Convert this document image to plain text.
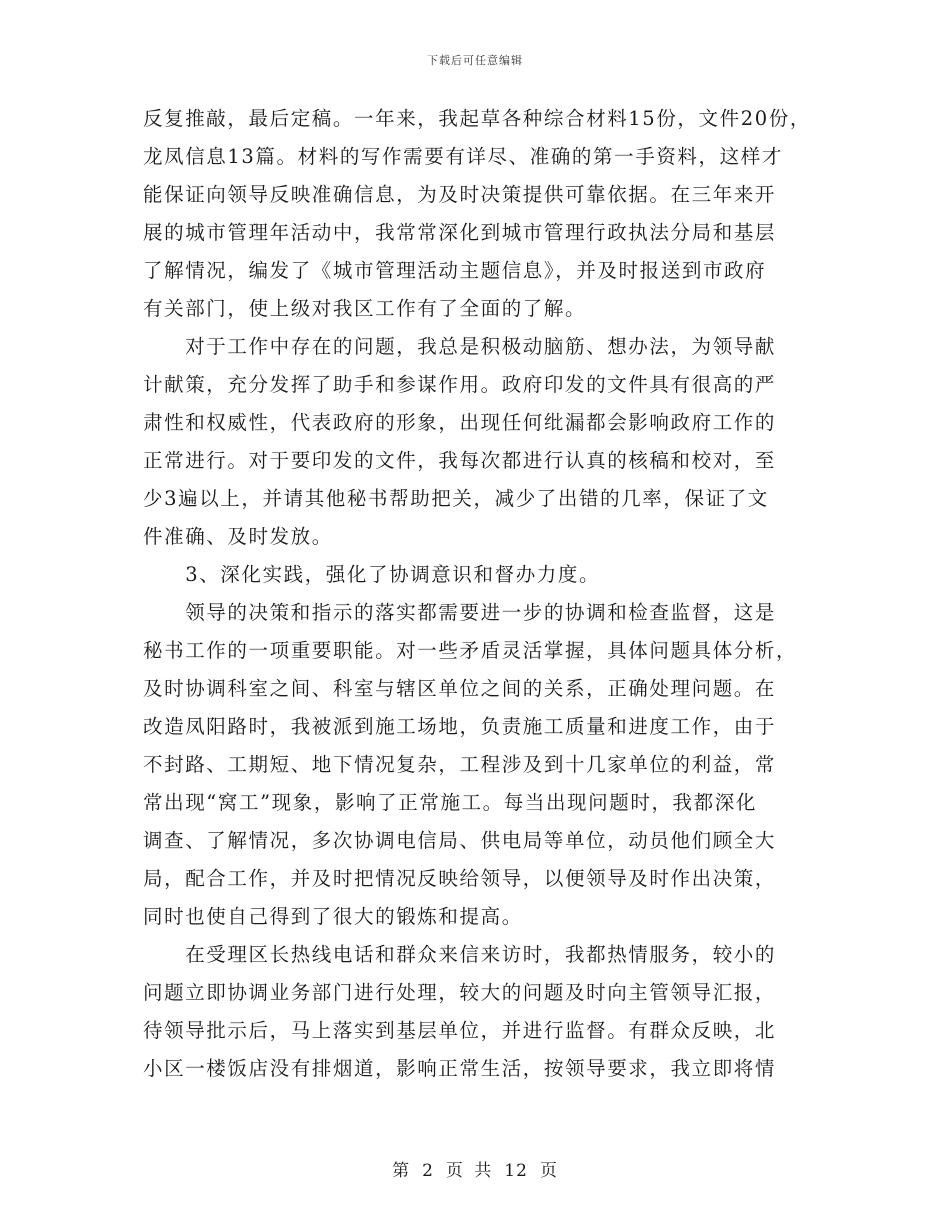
下载后可任意编辑
反复推敲，最后定稿。一年来，我起草各种综合材料15份，文件20份，
龙凤信息13篇。材料的写作需要有详尽、准确的第一手资料，这样才
能保证向领导反映准确信息，为及时决策提供可靠依据。在三年来开
展的城市管理年活动中，我常常深化到城市管理行政执法分局和基层
了解情况，编发了《城市管理活动主题信息》，并及时报送到市政府
有关部门，使上级对我区工作有了全面的了解。
　　对于工作中存在的问题，我总是积极动脑筋、想办法，为领导献
计献策，充分发挥了助手和参谋作用。政府印发的文件具有很高的严
肃性和权威性，代表政府的形象，出现任何纰漏都会影响政府工作的
正常进行。对于要印发的文件，我每次都进行认真的核稿和校对，至
少3遍以上，并请其他秘书帮助把关，减少了出错的几率，保证了文
件准确、及时发放。
　　3、深化实践，强化了协调意识和督办力度。
　　领导的决策和指示的落实都需要进一步的协调和检查监督，这是
秘书工作的一项重要职能。对一些矛盾灵活掌握，具体问题具体分析，
及时协调科室之间、科室与辖区单位之间的关系，正确处理问题。在
改造凤阳路时，我被派到施工场地，负责施工质量和进度工作，由于
不封路、工期短、地下情况复杂，工程涉及到十几家单位的利益，常
常出现“窝工”现象，影响了正常施工。每当出现问题时，我都深化
调查、了解情况，多次协调电信局、供电局等单位，动员他们顾全大
局，配合工作，并及时把情况反映给领导，以便领导及时作出决策，
同时也使自己得到了很大的锻炼和提高。
　　在受理区长热线电话和群众来信来访时，我都热情服务，较小的
问题立即协调业务部门进行处理，较大的问题及时向主管领导汇报，
待领导批示后，马上落实到基层单位，并进行监督。有群众反映，北
小区一楼饭店没有排烟道，影响正常生活，按领导要求，我立即将情
第 2 页 共 12 页
